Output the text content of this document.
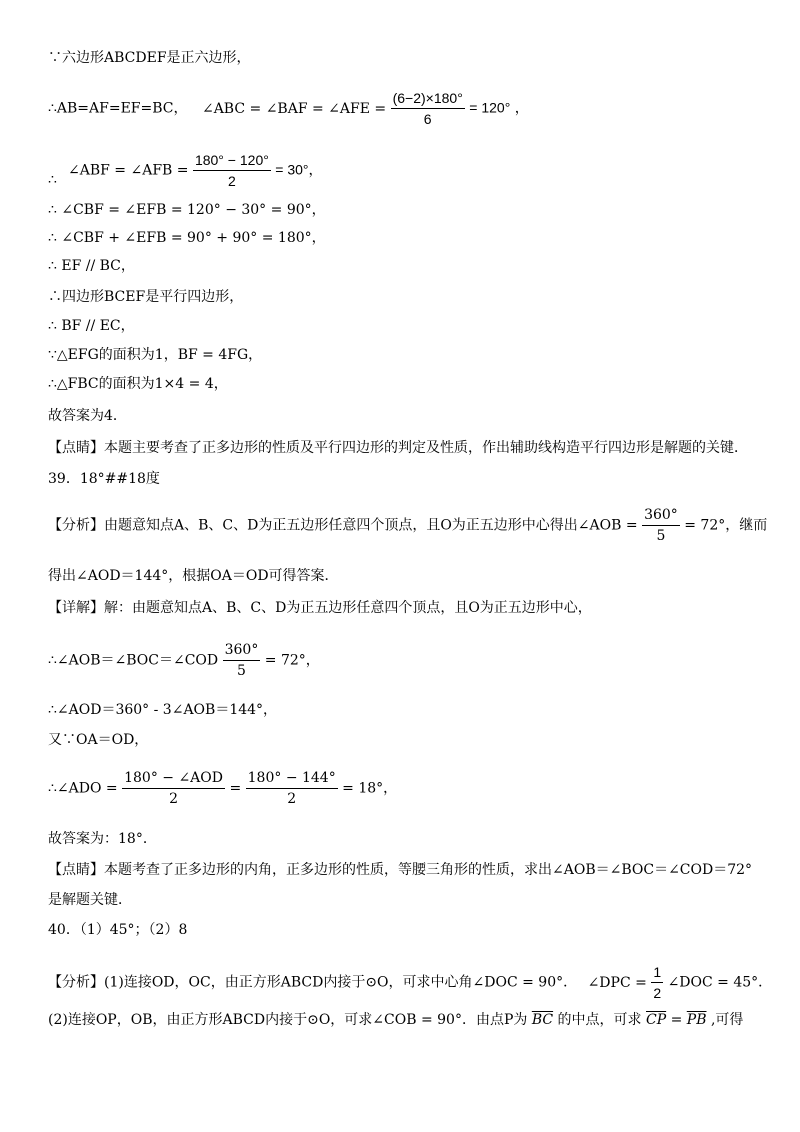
∵六边形ABCDEF是正六边形，
∴AB=AF=EF=BC， ∠ABC = ∠BAF = ∠AFE = $\frac{(6-2)\times 180^\circ}{6} = 120^\circ$ ，
∠ABF = ∠AFB = $\frac{180^\circ - 120^\circ}{2} = 30^\circ$，
∴
∴ ∠CBF = ∠EFB = 120° − 30° = 90°，
∴ ∠CBF + ∠EFB = 90° + 90° = 180°，
∴ EF // BC，
∴四边形BCEF是平行四边形，
∴ BF // EC，
∵△EFG的面积为1，BF = 4FG，
∴△FBC的面积为1×4 = 4，
故答案为4．
【点睛】本题主要考查了正多边形的性质及平行四边形的判定及性质，作出辅助线构造平行四边形是解题的关键．
39．18°##18度
【分析】由题意知点A、B、C、D为正五边形任意四个顶点，且O为正五边形中心得出∠AOB = $\frac{360^\circ}{5} = 72^\circ$，继而
得出∠AOD＝144°，根据OA＝OD可得答案．
【详解】解：由题意知点A、B、C、D为正五边形任意四个顶点，且O为正五边形中心，
∴∠AOB＝∠BOC＝∠COD $\frac{360^\circ}{5} = 72^\circ$，
∴∠AOD＝360° - 3∠AOB＝144°，
又∵OA＝OD，
∴∠ADO = $\frac{\text{180° − ∠AOD}}{2} = \frac{180^\circ - 144^\circ}{2} = 18^\circ$，
故答案为：18°．
【点睛】本题考查了正多边形的内角，正多边形的性质，等腰三角形的性质，求出∠AOB＝∠BOC＝∠COD＝72°
是解题关键．
40．（1）45°；（2）8
【分析】(1)连接OD，OC，由正方形ABCD内接于⊙O，可求中心角∠DOC = 90°． ∠DPC = $\frac{1}{2}$ ∠DOC = 45°．
(2)连接OP，OB，由正方形ABCD内接于⊙O，可求∠COB = 90°．由点P为 $\overline{BC}$ 的中点，可求 $\overline{CP} = \overline{PB}$ ,可得
